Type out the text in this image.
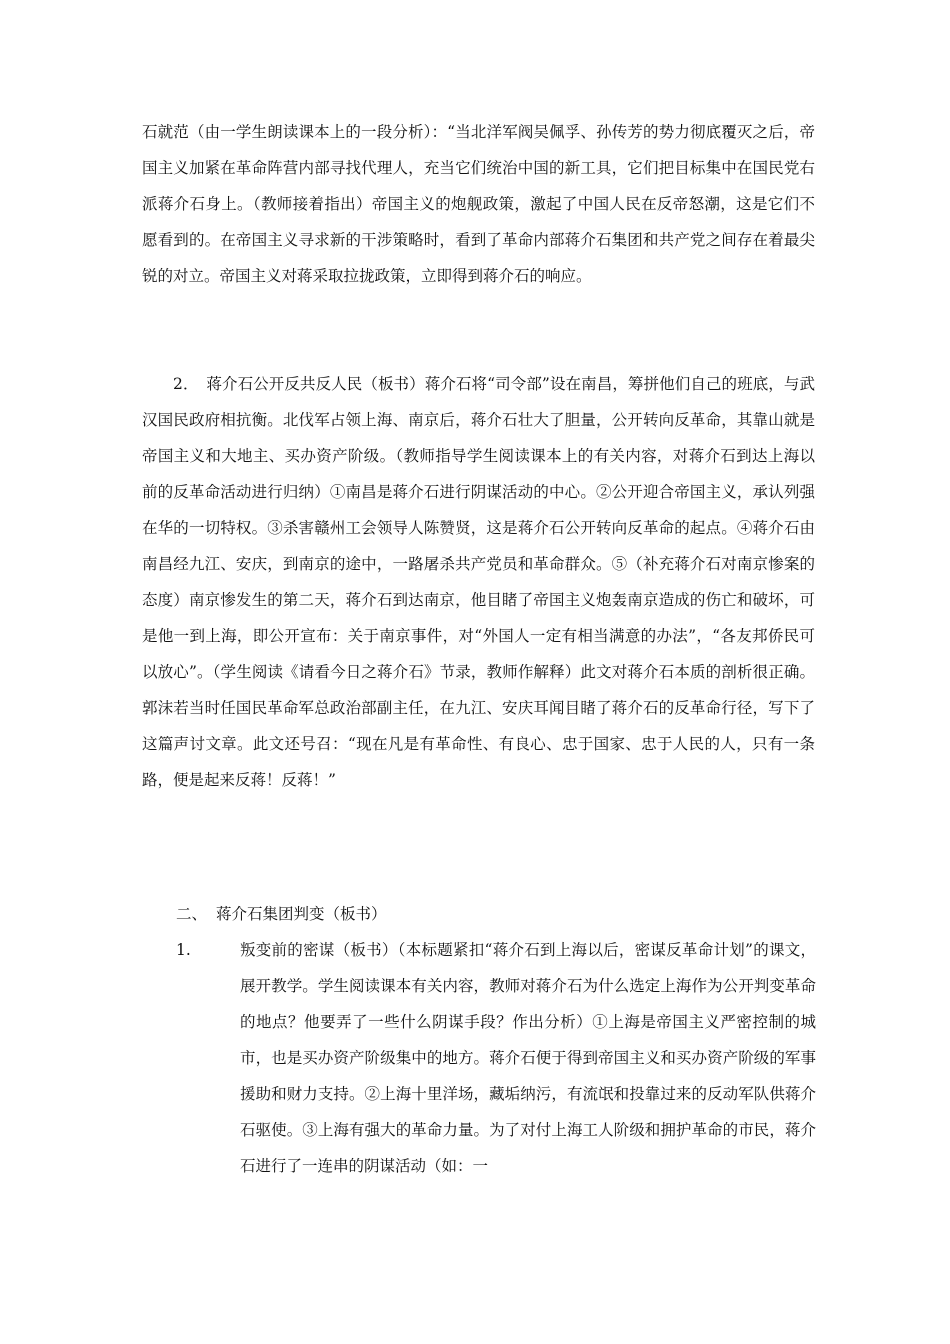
石就范（由一学生朗读课本上的一段分析）：“当北洋军阀吴佩孚、孙传芳的势力彻底覆灭之后，帝国主义加紧在革命阵营内部寻找代理人，充当它们统治中国的新工具，它们把目标集中在国民党右派蒋介石身上。（教师接着指出）帝国主义的炮舰政策，激起了中国人民在反帝怒潮，这是它们不愿看到的。在帝国主义寻求新的干涉策略时，看到了革命内部蒋介石集团和共产党之间存在着最尖锐的对立。帝国主义对蒋采取拉拢政策，立即得到蒋介石的响应。

2．　蒋介石公开反共反人民（板书）蒋介石将“司令部”设在南昌，筹拼他们自己的班底，与武汉国民政府相抗衡。北伐军占领上海、南京后，蒋介石壮大了胆量，公开转向反革命，其靠山就是帝国主义和大地主、买办资产阶级。（教师指导学生阅读课本上的有关内容，对蒋介石到达上海以前的反革命活动进行归纳）①南昌是蒋介石进行阴谋活动的中心。②公开迎合帝国主义，承认列强在华的一切特权。③杀害赣州工会领导人陈赞贤，这是蒋介石公开转向反革命的起点。④蒋介石由南昌经九江、安庆，到南京的途中，一路屠杀共产党员和革命群众。⑤（补充蒋介石对南京惨案的态度）南京惨发生的第二天，蒋介石到达南京，他目睹了帝国主义炮轰南京造成的伤亡和破坏，可是他一到上海，即公开宣布：关于南京事件，对“外国人一定有相当满意的办法”，“各友邦侨民可以放心”。（学生阅读《请看今日之蒋介石》节录，教师作解释）此文对蒋介石本质的剖析很正确。郭沫若当时任国民革命军总政治部副主任，在九江、安庆耳闻目睹了蒋介石的反革命行径，写下了这篇声讨文章。此文还号召：“现在凡是有革命性、有良心、忠于国家、忠于人民的人，只有一条路，便是起来反蒋！反蒋！”

二、 蒋介石集团判变（板书）

1.	叛变前的密谋（板书）（本标题紧扣“蒋介石到上海以后，密谋反革命计划”的课文，展开教学。学生阅读课本有关内容，教师对蒋介石为什么选定上海作为公开判变革命的地点？他要弄了一些什么阴谋手段？作出分析）①上海是帝国主义严密控制的城市，也是买办资产阶级集中的地方。蒋介石便于得到帝国主义和买办资产阶级的军事援助和财力支持。②上海十里洋场，藏垢纳污，有流氓和投靠过来的反动军队供蒋介石驱使。③上海有强大的革命力量。为了对付上海工人阶级和拥护革命的市民，蒋介石进行了一连串的阴谋活动（如：一
